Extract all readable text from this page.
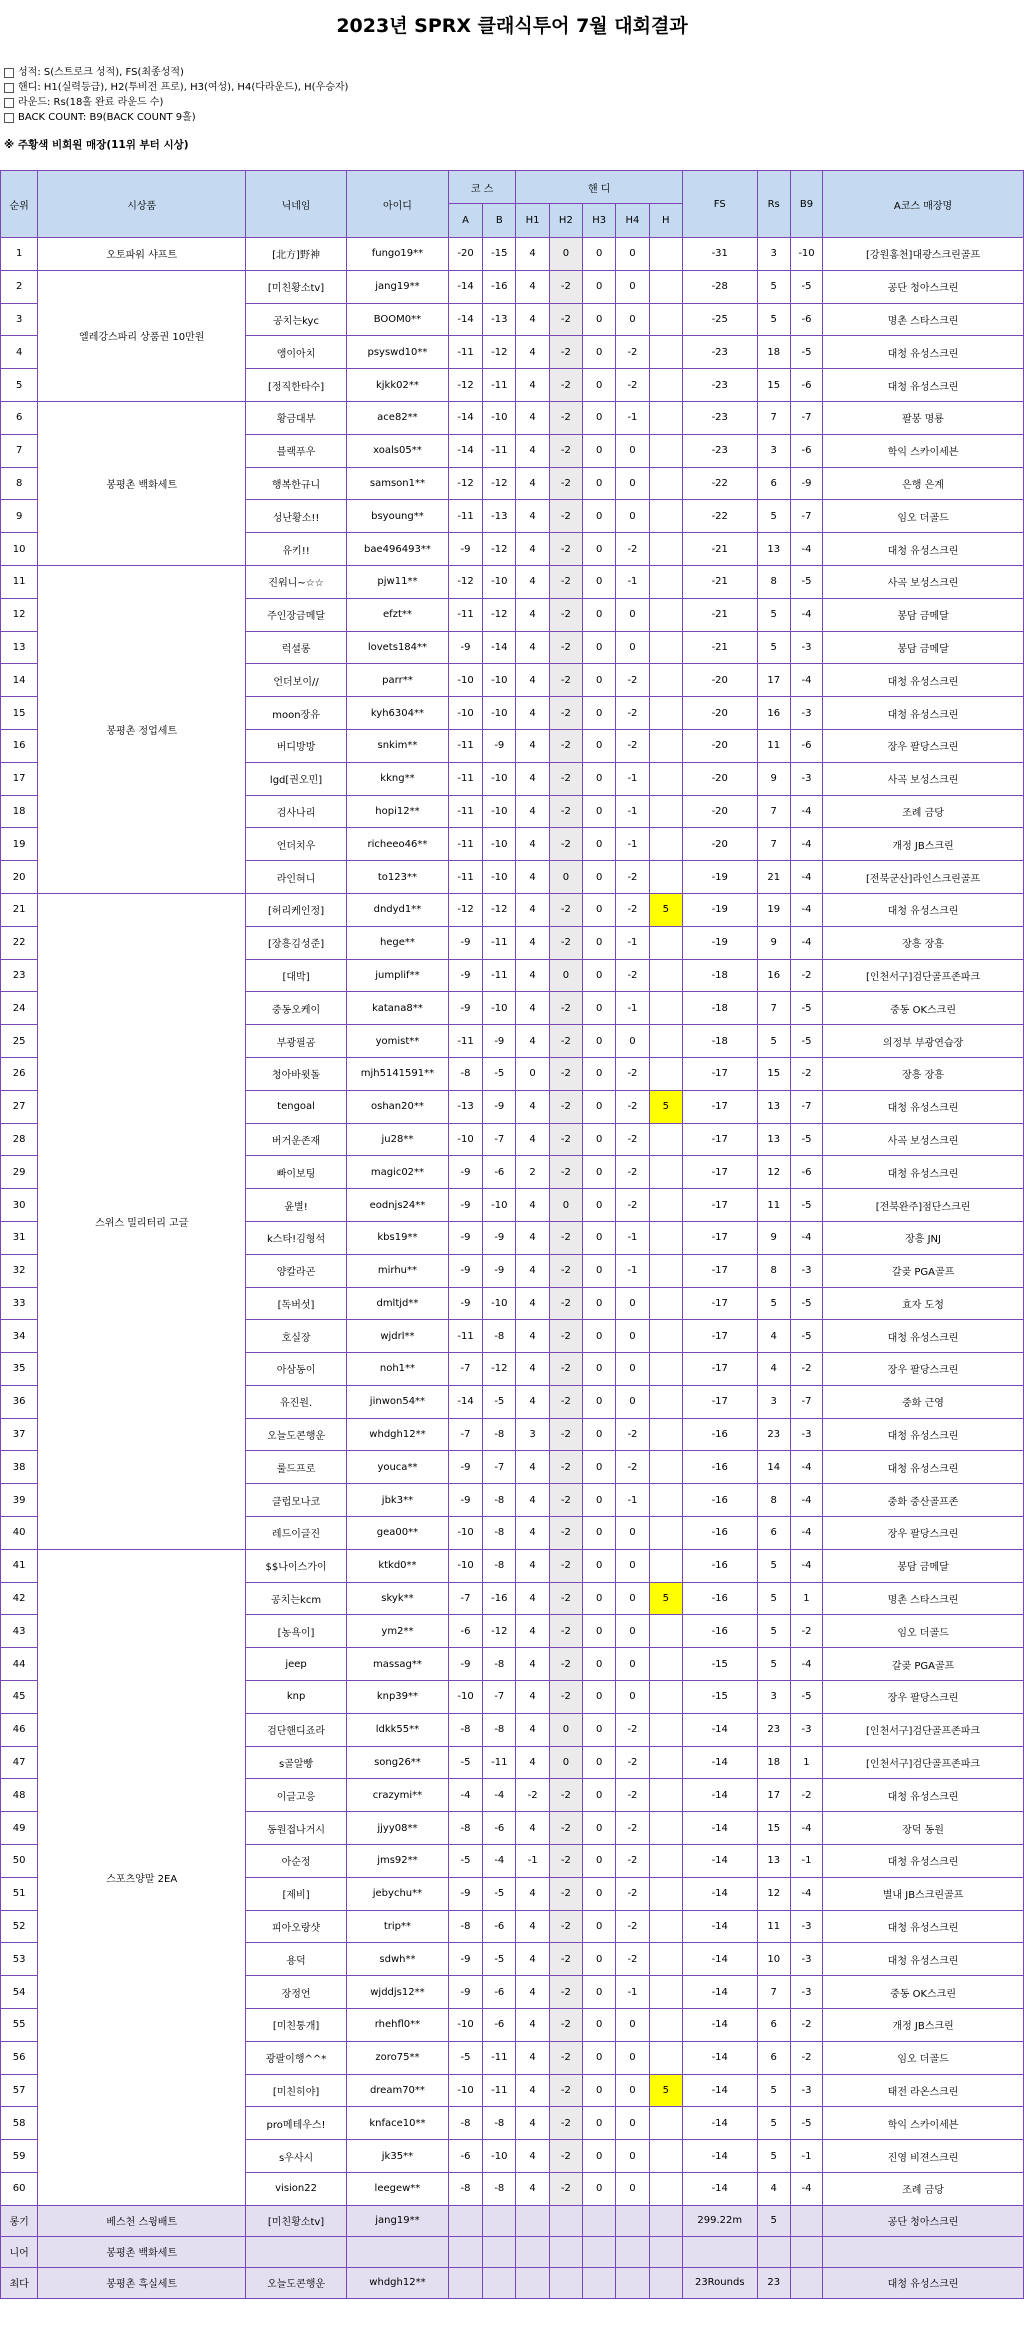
2023년 SPRX 클래식투어 7월 대회결과
성적: S(스트로크 성적), FS(최종성적)
핸디: H1(실력등급), H2(투비전 프로), H3(여성), H4(다라운드), H(우승자)
라운드: Rs(18홀 완료 라운드 수)
BACK COUNT: B9(BACK COUNT 9홀)
※ 주황색 비회원 매장(11위 부터 시상)
순위	시상품	닉네임	아이디	코 스		핸 디					FS	Rs	B9	A코스 매장명
				A	B	H1	H2	H3	H4	H				
1	오토파워 샤프트	[北方]野神	fungo19**	-20	-15	4	0	0	0		-31	3	-10	[강원홍천]대광스크린골프
2	엘레강스파리 상품권 10만원	[미친황소tv]	jang19**	-14	-16	4	-2	0	0		-28	5	-5	공단 청아스크린
3		공치는kyc	BOOM0**	-14	-13	4	-2	0	0		-25	5	-6	명촌 스타스크린
4		앵이아치	psyswd10**	-11	-12	4	-2	0	-2		-23	18	-5	대청 유성스크린
5		[정직한타수]	kjkk02**	-12	-11	4	-2	0	-2		-23	15	-6	대청 유성스크린
6	봉평촌 백화세트	황금대부	ace82**	-14	-10	4	-2	0	-1		-23	7	-7	팔봉 명룡
7		블랙푸우	xoals05**	-14	-11	4	-2	0	0		-23	3	-6	학익 스카이세븐
8		행복한규니	samson1**	-12	-12	4	-2	0	0		-22	6	-9	은행 은계
9		성난황소!!	bsyoung**	-11	-13	4	-2	0	0		-22	5	-7	임오 더골드
10		유키!!	bae496493**	-9	-12	4	-2	0	-2		-21	13	-4	대청 유성스크린
11	봉평촌 정업세트	진워니~☆☆	pjw11**	-12	-10	4	-2	0	-1		-21	8	-5	사곡 보성스크린
12		주인장금메달	efzt**	-11	-12	4	-2	0	0		-21	5	-4	봉담 금메달
13		럭셜롱	lovets184**	-9	-14	4	-2	0	0		-21	5	-3	봉담 금메달
14		언더보이//	parr**	-10	-10	4	-2	0	-2		-20	17	-4	대청 유성스크린
15		moon장유	kyh6304**	-10	-10	4	-2	0	-2		-20	16	-3	대청 유성스크린
16		버디방방	snkim**	-11	-9	4	-2	0	-2		-20	11	-6	장우 팔당스크린
17		lgd[권오민]	kkng**	-11	-10	4	-2	0	-1		-20	9	-3	사곡 보성스크린
18		검사나리	hopi12**	-11	-10	4	-2	0	-1		-20	7	-4	조례 금당
19		언더치우	richeeo46**	-11	-10	4	-2	0	-1		-20	7	-4	개정 JB스크린
20		라인혀니	to123**	-11	-10	4	0	0	-2		-19	21	-4	[전북군산]라인스크린골프
21	스위스 밀리터리 고글	[허리케인정]	dndyd1**	-12	-12	4	-2	0	-2	5	-19	19	-4	대청 유성스크린
22		[장흥김성준]	hege**	-9	-11	4	-2	0	-1		-19	9	-4	장흥 장흥
23		[대박]	jumplif**	-9	-11	4	0	0	-2		-18	16	-2	[인천서구]검단골프존파크
24		중동오케이	katana8**	-9	-10	4	-2	0	-1		-18	7	-5	중동 OK스크린
25		부광필곰	yomist**	-11	-9	4	-2	0	0		-18	5	-5	의정부 부광연습장
26		청아바윗돌	mjh5141591**	-8	-5	0	-2	0	-2		-17	15	-2	장흥 장흥
27		tengoal	oshan20**	-13	-9	4	-2	0	-2	5	-17	13	-7	대청 유성스크린
28		버거운존재	ju28**	-10	-7	4	-2	0	-2		-17	13	-5	사곡 보성스크린
29		빠이보팅	magic02**	-9	-6	2	-2	0	-2		-17	12	-6	대청 유성스크린
30		윤별!	eodnjs24**	-9	-10	4	0	0	-2		-17	11	-5	[전북완주]점단스크린
31		k스타!김형석	kbs19**	-9	-9	4	-2	0	-1		-17	9	-4	장흥 JNJ
32		양칼라곤	mirhu**	-9	-9	4	-2	0	-1		-17	8	-3	갈곶 PGA골프
33		[독버섯]	dmltjd**	-9	-10	4	-2	0	0		-17	5	-5	효자 도청
34		호실장	wjdrl**	-11	-8	4	-2	0	0		-17	4	-5	대청 유성스크린
35		아삼동이	noh1**	-7	-12	4	-2	0	0		-17	4	-2	장우 팔당스크린
36		유진원.	jinwon54**	-14	-5	4	-2	0	0		-17	3	-7	중화 근영
37		오늘도콘행운	whdgh12**	-7	-8	3	-2	0	-2		-16	23	-3	대청 유성스크린
38		룰드프로	youca**	-9	-7	4	-2	0	-2		-16	14	-4	대청 유성스크린
39		클럽모나코	jbk3**	-9	-8	4	-2	0	-1		-16	8	-4	중화 중산골프존
40		레드이글진	gea00**	-10	-8	4	-2	0	0		-16	6	-4	장우 팔당스크린
41	스포츠양말 2EA	$$나이스가이	ktkd0**	-10	-8	4	-2	0	0		-16	5	-4	봉담 금메달
42		공치는kcm	skyk**	-7	-16	4	-2	0	0	5	-16	5	1	명촌 스타스크린
43		[농욕이]	ym2**	-6	-12	4	-2	0	0		-16	5	-2	임오 더골드
44		jeep	massag**	-9	-8	4	-2	0	0		-15	5	-4	갈곶 PGA골프
45		knp	knp39**	-10	-7	4	-2	0	0		-15	3	-5	장우 팔당스크린
46		검단핸디죠라	ldkk55**	-8	-8	4	0	0	-2		-14	23	-3	[인천서구]검단골프존파크
47		s골알빵	song26**	-5	-11	4	0	0	-2		-14	18	1	[인천서구]검단골프존파크
48		이글고응	crazymi**	-4	-4	-2	-2	0	-2		-14	17	-2	대청 유성스크린
49		동원접나거시	jjyy08**	-8	-6	4	-2	0	-2		-14	15	-4	장덕 동원
50		아순정	jms92**	-5	-4	-1	-2	0	-2		-14	13	-1	대청 유성스크린
51		[제비]	jebychu**	-9	-5	4	-2	0	-2		-14	12	-4	별내 JB스크린골프
52		피아오랑샷	trip**	-8	-6	4	-2	0	-2		-14	11	-3	대청 유성스크린
53		용덕	sdwh**	-9	-5	4	-2	0	-2		-14	10	-3	대청 유성스크린
54		장정언	wjddjs12**	-9	-6	4	-2	0	-1		-14	7	-3	중동 OK스크린
55		[미친통개]	rhehfl0**	-10	-6	4	-2	0	0		-14	6	-2	개정 JB스크린
56		광팔이행^^*	zoro75**	-5	-11	4	-2	0	0		-14	6	-2	임오 더골드
57		[미친히야]	dream70**	-10	-11	4	-2	0	0	5	-14	5	-3	태전 라온스크린
58		pro메테우스!	knface10**	-8	-8	4	-2	0	0		-14	5	-5	학익 스카이세븐
59		s우사시	jk35**	-6	-10	4	-2	0	0		-14	5	-1	진영 비젼스크린
60		vision22	leegew**	-8	-8	4	-2	0	0		-14	4	-4	조례 금당
롱기	베스천 스윙배트	[미친황소tv]	jang19**								299.22m	5		공단 청아스크린
니어	봉평촌 백화세트													
최다	봉평촌 흑실세트	오늘도콘행운	whdgh12**								23Rounds	23		대청 유성스크린
